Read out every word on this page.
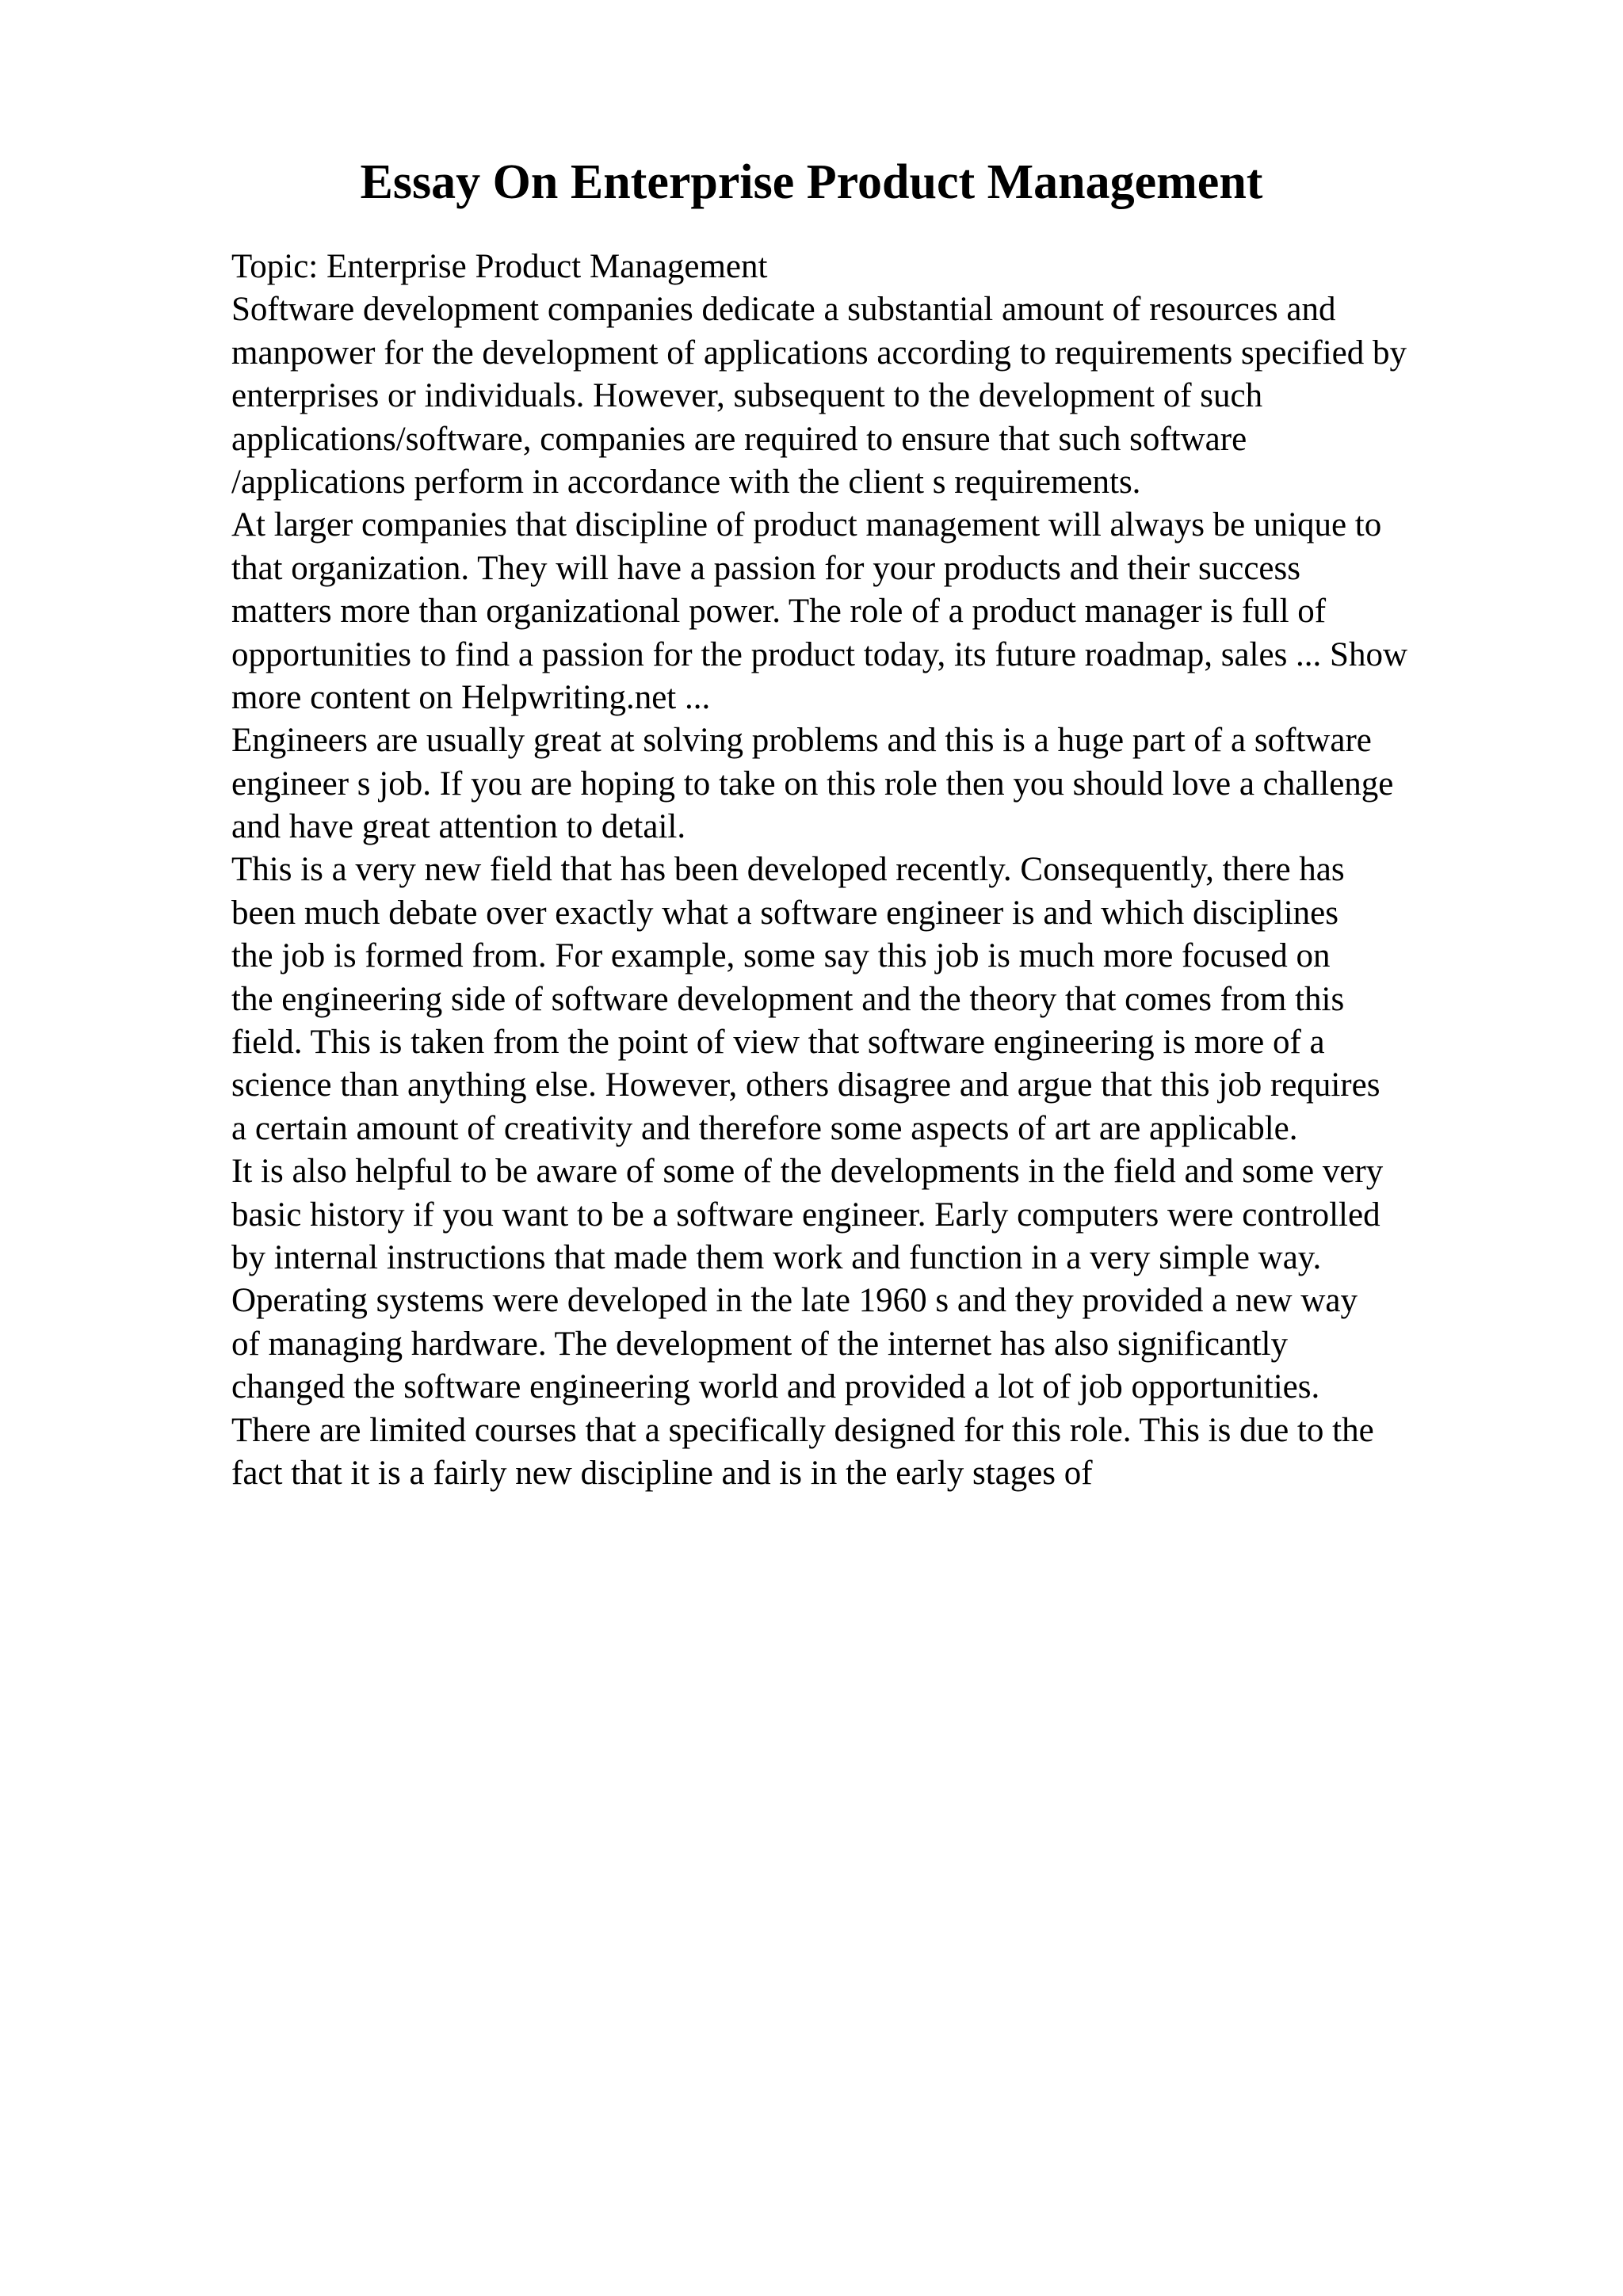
Essay On Enterprise Product Management
Topic: Enterprise Product Management
Software development companies dedicate a substantial amount of resources and
manpower for the development of applications according to requirements specified by
enterprises or individuals. However, subsequent to the development of such
applications/software, companies are required to ensure that such software
/applications perform in accordance with the client s requirements.
At larger companies that discipline of product management will always be unique to
that organization. They will have a passion for your products and their success
matters more than organizational power. The role of a product manager is full of
opportunities to find a passion for the product today, its future roadmap, sales ... Show
more content on Helpwriting.net ...
Engineers are usually great at solving problems and this is a huge part of a software
engineer s job. If you are hoping to take on this role then you should love a challenge
and have great attention to detail.
This is a very new field that has been developed recently. Consequently, there has
been much debate over exactly what a software engineer is and which disciplines
the job is formed from. For example, some say this job is much more focused on
the engineering side of software development and the theory that comes from this
field. This is taken from the point of view that software engineering is more of a
science than anything else. However, others disagree and argue that this job requires
a certain amount of creativity and therefore some aspects of art are applicable.
It is also helpful to be aware of some of the developments in the field and some very
basic history if you want to be a software engineer. Early computers were controlled
by internal instructions that made them work and function in a very simple way.
Operating systems were developed in the late 1960 s and they provided a new way
of managing hardware. The development of the internet has also significantly
changed the software engineering world and provided a lot of job opportunities.
There are limited courses that a specifically designed for this role. This is due to the
fact that it is a fairly new discipline and is in the early stages of
